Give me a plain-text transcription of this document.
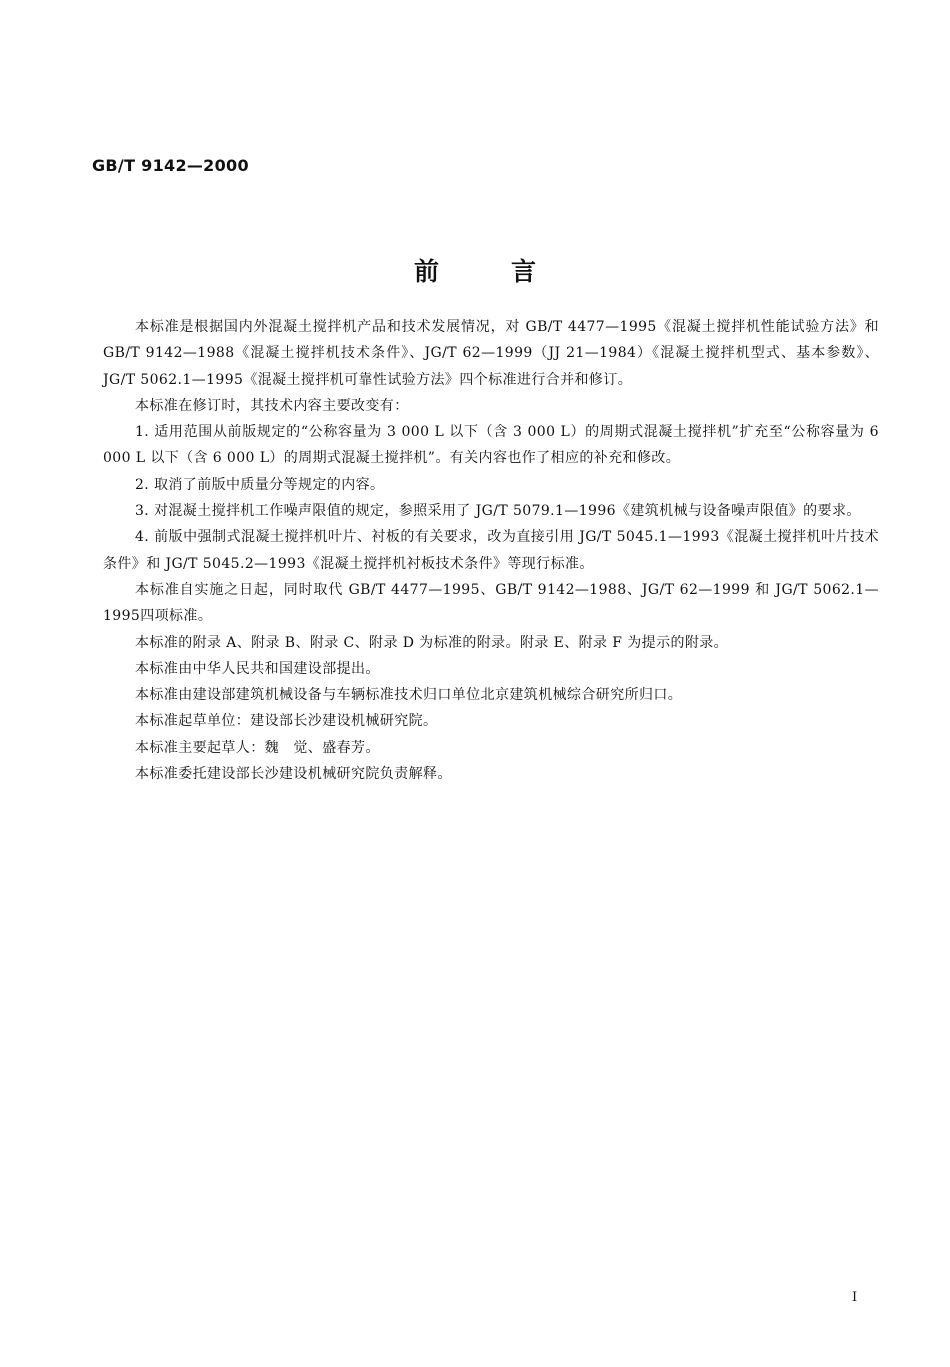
GB/T 9142—2000

前言

本标准是根据国内外混凝土搅拌机产品和技术发展情况，对 GB/T 4477—1995《混凝土搅拌机性能试验方法》和 GB/T 9142—1988《混凝土搅拌机技术条件》、JG/T 62—1999（JJ 21—1984）《混凝土搅拌机型式、基本参数》、JG/T 5062.1—1995《混凝土搅拌机可靠性试验方法》四个标准进行合并和修订。

本标准在修订时，其技术内容主要改变有：

1. 适用范围从前版规定的“公称容量为 3 000 L 以下（含 3 000 L）的周期式混凝土搅拌机”扩充至“公称容量为 6 000 L 以下（含 6 000 L）的周期式混凝土搅拌机”。有关内容也作了相应的补充和修改。

2. 取消了前版中质量分等规定的内容。

3. 对混凝土搅拌机工作噪声限值的规定，参照采用了 JG/T 5079.1—1996《建筑机械与设备噪声限值》的要求。

4. 前版中强制式混凝土搅拌机叶片、衬板的有关要求，改为直接引用 JG/T 5045.1—1993《混凝土搅拌机叶片技术条件》和 JG/T 5045.2—1993《混凝土搅拌机衬板技术条件》等现行标准。

本标准自实施之日起，同时取代 GB/T 4477—1995、GB/T 9142—1988、JG/T 62—1999 和 JG/T 5062.1—1995四项标准。

本标准的附录 A、附录 B、附录 C、附录 D 为标准的附录。附录 E、附录 F 为提示的附录。

本标准由中华人民共和国建设部提出。

本标准由建设部建筑机械设备与车辆标准技术归口单位北京建筑机械综合研究所归口。

本标准起草单位：建设部长沙建设机械研究院。

本标准主要起草人：魏　觉、盛春芳。

本标准委托建设部长沙建设机械研究院负责解释。

I
